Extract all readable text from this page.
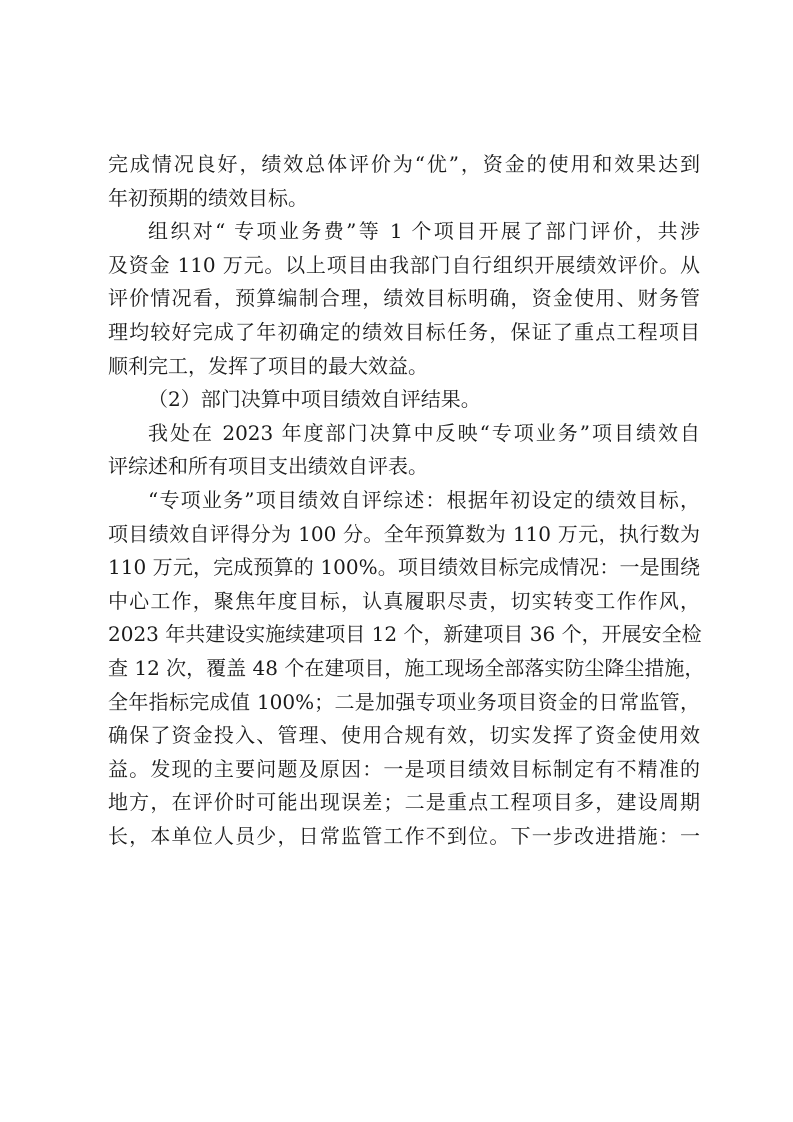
完成情况良好，绩效总体评价为“优”，资金的使用和效果达到
年初预期的绩效目标。
组织对“ 专项业务费”等 1 个项目开展了部门评价，共涉
及资金 110 万元。以上项目由我部门自行组织开展绩效评价。从
评价情况看，预算编制合理，绩效目标明确，资金使用、财务管
理均较好完成了年初确定的绩效目标任务，保证了重点工程项目
顺利完工，发挥了项目的最大效益。
（2）部门决算中项目绩效自评结果。
我处在 2023 年度部门决算中反映“专项业务”项目绩效自
评综述和所有项目支出绩效自评表。
“专项业务”项目绩效自评综述：根据年初设定的绩效目标，
项目绩效自评得分为 100 分。全年预算数为 110 万元，执行数为
110 万元，完成预算的 100%。项目绩效目标完成情况：一是围绕
中心工作，聚焦年度目标，认真履职尽责，切实转变工作作风，
2023 年共建设实施续建项目 12 个，新建项目 36 个，开展安全检
查 12 次，覆盖 48 个在建项目，施工现场全部落实防尘降尘措施，
全年指标完成值 100%；二是加强专项业务项目资金的日常监管，
确保了资金投入、管理、使用合规有效，切实发挥了资金使用效
益。发现的主要问题及原因：一是项目绩效目标制定有不精准的
地方，在评价时可能出现误差；二是重点工程项目多，建设周期
长，本单位人员少，日常监管工作不到位。下一步改进措施：一
